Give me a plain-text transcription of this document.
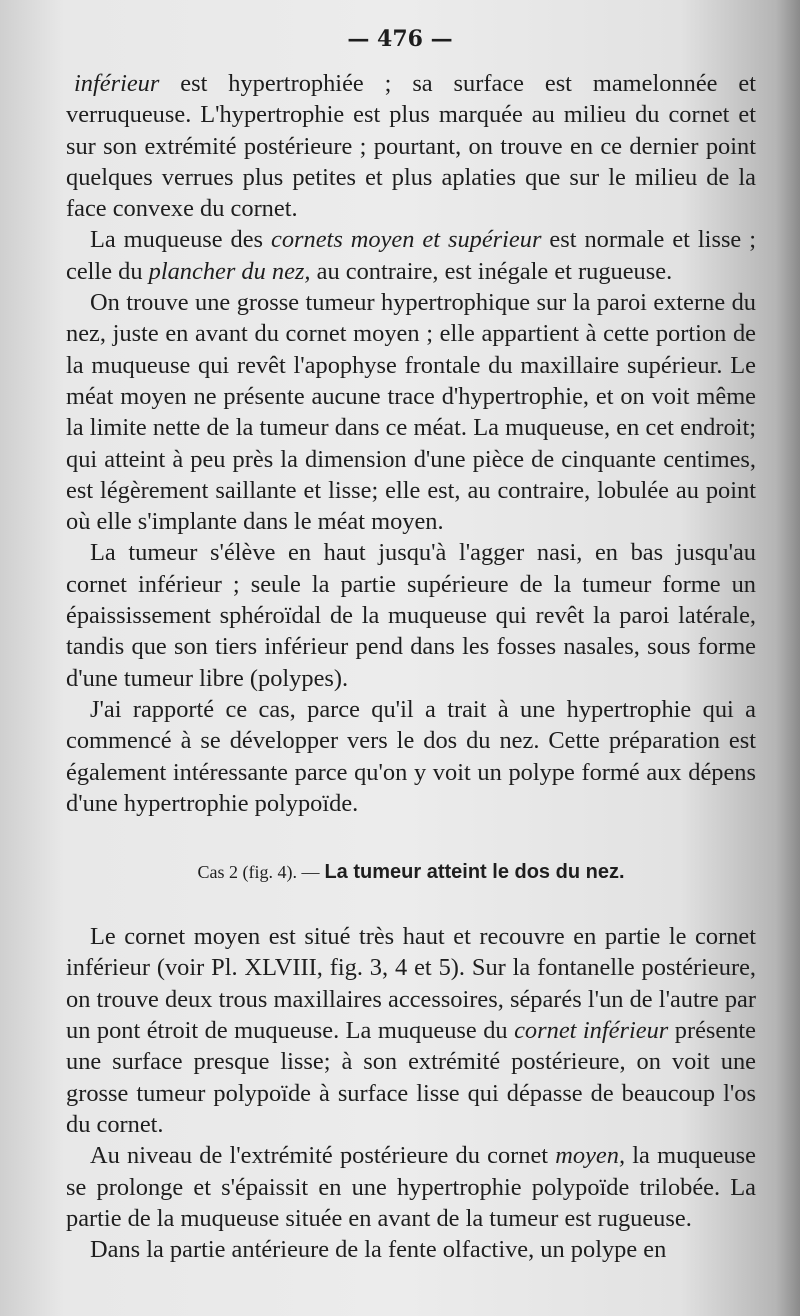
— 476 —

inférieur est hypertrophiée ; sa surface est mamelonnée et verruqueuse. L'hypertrophie est plus marquée au milieu du cornet et sur son extrémité postérieure ; pourtant, on trouve en ce dernier point quelques verrues plus petites et plus aplaties que sur le milieu de la face convexe du cornet.

La muqueuse des cornets moyen et supérieur est normale et lisse ; celle du plancher du nez, au contraire, est inégale et rugueuse.

On trouve une grosse tumeur hypertrophique sur la paroi externe du nez, juste en avant du cornet moyen ; elle appartient à cette portion de la muqueuse qui revêt l'apophyse frontale du maxillaire supérieur. Le méat moyen ne présente aucune trace d'hypertrophie, et on voit même la limite nette de la tumeur dans ce méat. La muqueuse, en cet endroit; qui atteint à peu près la dimension d'une pièce de cinquante centimes, est légèrement saillante et lisse; elle est, au contraire, lobulée au point où elle s'implante dans le méat moyen.

La tumeur s'élève en haut jusqu'à l'agger nasi, en bas jusqu'au cornet inférieur ; seule la partie supérieure de la tumeur forme un épaississement sphéroïdal de la muqueuse qui revêt la paroi latérale, tandis que son tiers inférieur pend dans les fosses nasales, sous forme d'une tumeur libre (polypes).

J'ai rapporté ce cas, parce qu'il a trait à une hypertrophie qui a commencé à se développer vers le dos du nez. Cette préparation est également intéressante parce qu'on y voit un polype formé aux dépens d'une hypertrophie polypoïde.

Cas 2 (fig. 4). — La tumeur atteint le dos du nez.

Le cornet moyen est situé très haut et recouvre en partie le cornet inférieur (voir Pl. XLVIII, fig. 3, 4 et 5). Sur la fontanelle postérieure, on trouve deux trous maxillaires accessoires, séparés l'un de l'autre par un pont étroit de muqueuse. La muqueuse du cornet inférieur présente une surface presque lisse; à son extrémité postérieure, on voit une grosse tumeur polypoïde à surface lisse qui dépasse de beaucoup l'os du cornet.

Au niveau de l'extrémité postérieure du cornet moyen, la muqueuse se prolonge et s'épaissit en une hypertrophie polypoïde trilobée. La partie de la muqueuse située en avant de la tumeur est rugueuse.

Dans la partie antérieure de la fente olfactive, un polype en
